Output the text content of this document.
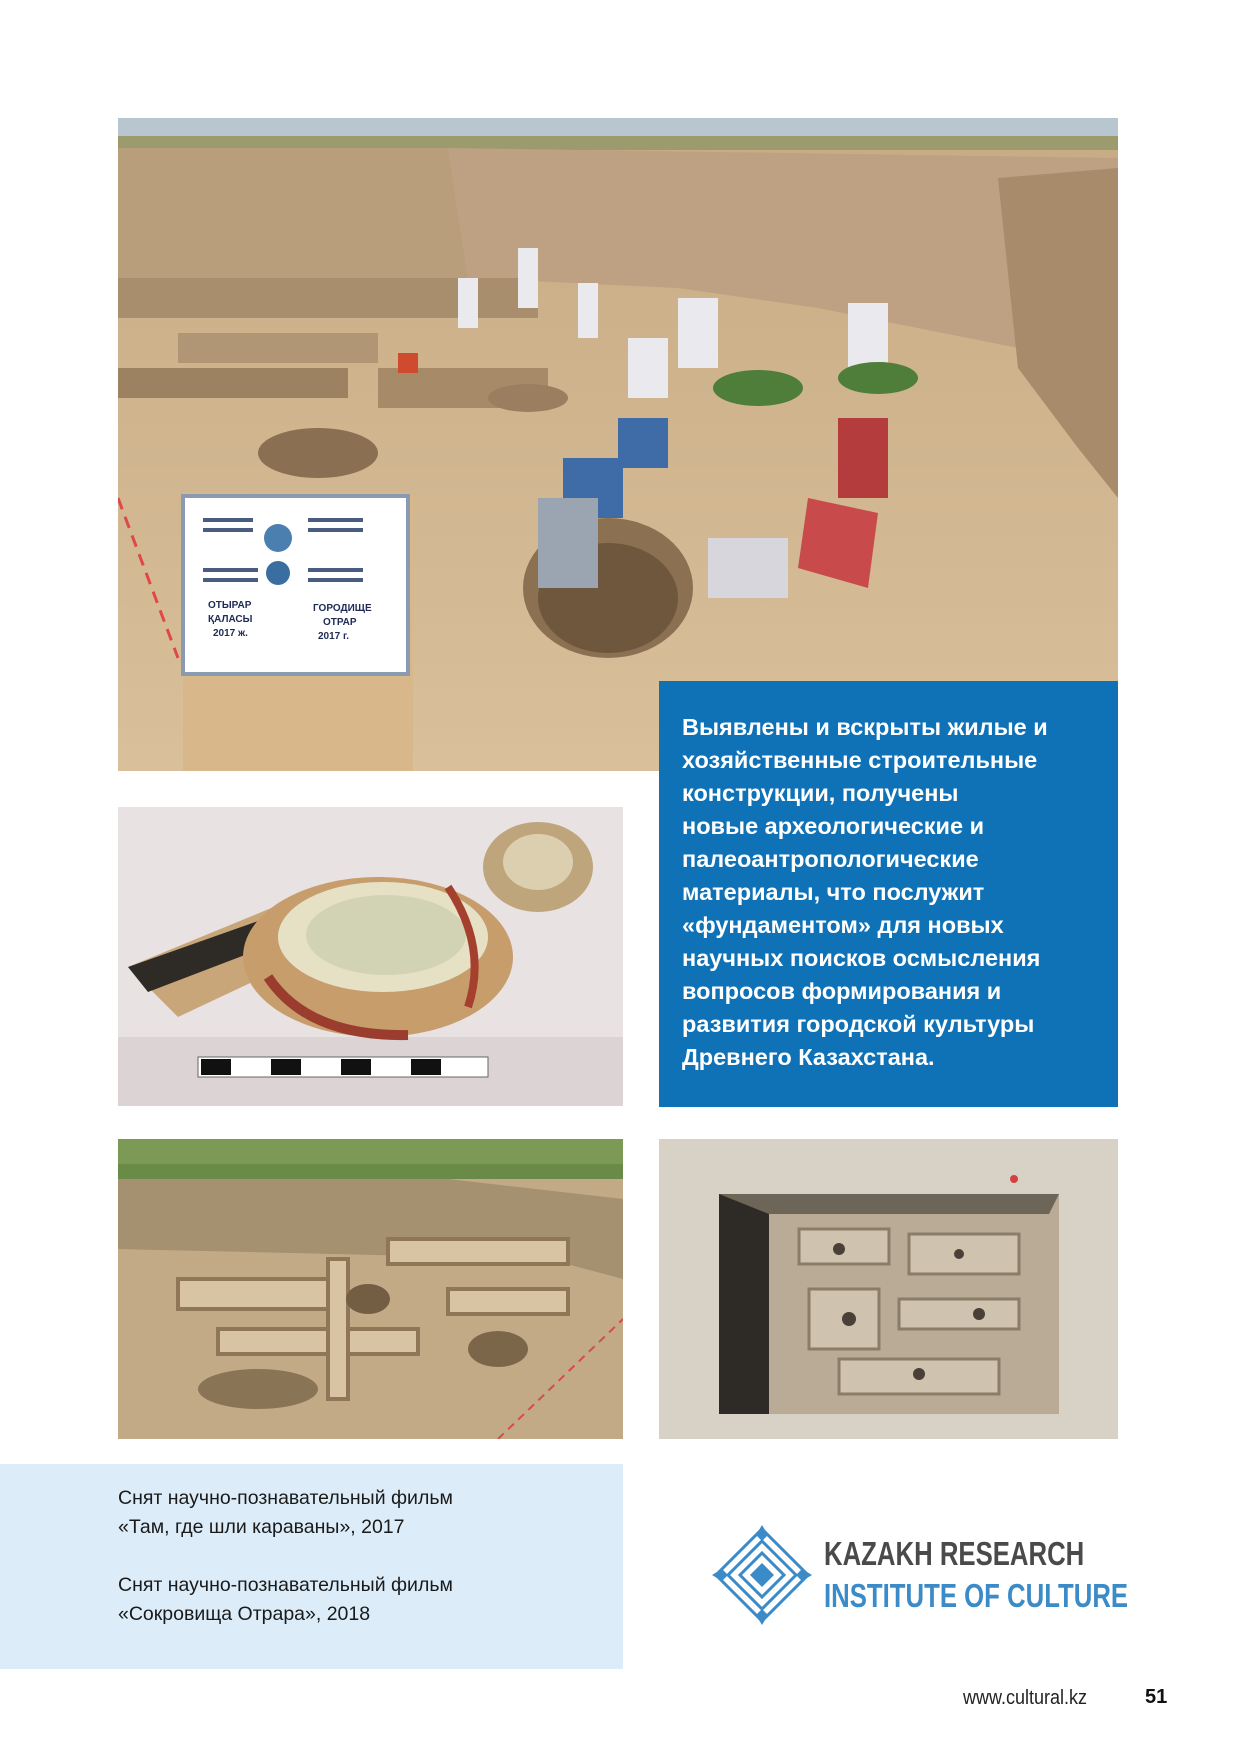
ОТЫРАР
ҚАЛАСЫ
2017 ж.
ГОРОДИЩЕ
ОТРАР
2017 г.

Выявлены и вскрыты жилые и

хозяйственные строительные

конструкции, получены

новые археологические и

палеоантропологические

материалы, что послужит

«фундаментом» для новых

научных поисков осмысления

вопросов формирования и

развития городской культуры

Древнего Казахстана.

Снят научно-познавательный фильм
«Там, где шли караваны», 2017

Снят научно-познавательный фильм
«Сокровища Отрара», 2018

KAZAKH RESEARCH
INSTITUTE OF CULTURE
www.cultural.kz	51
